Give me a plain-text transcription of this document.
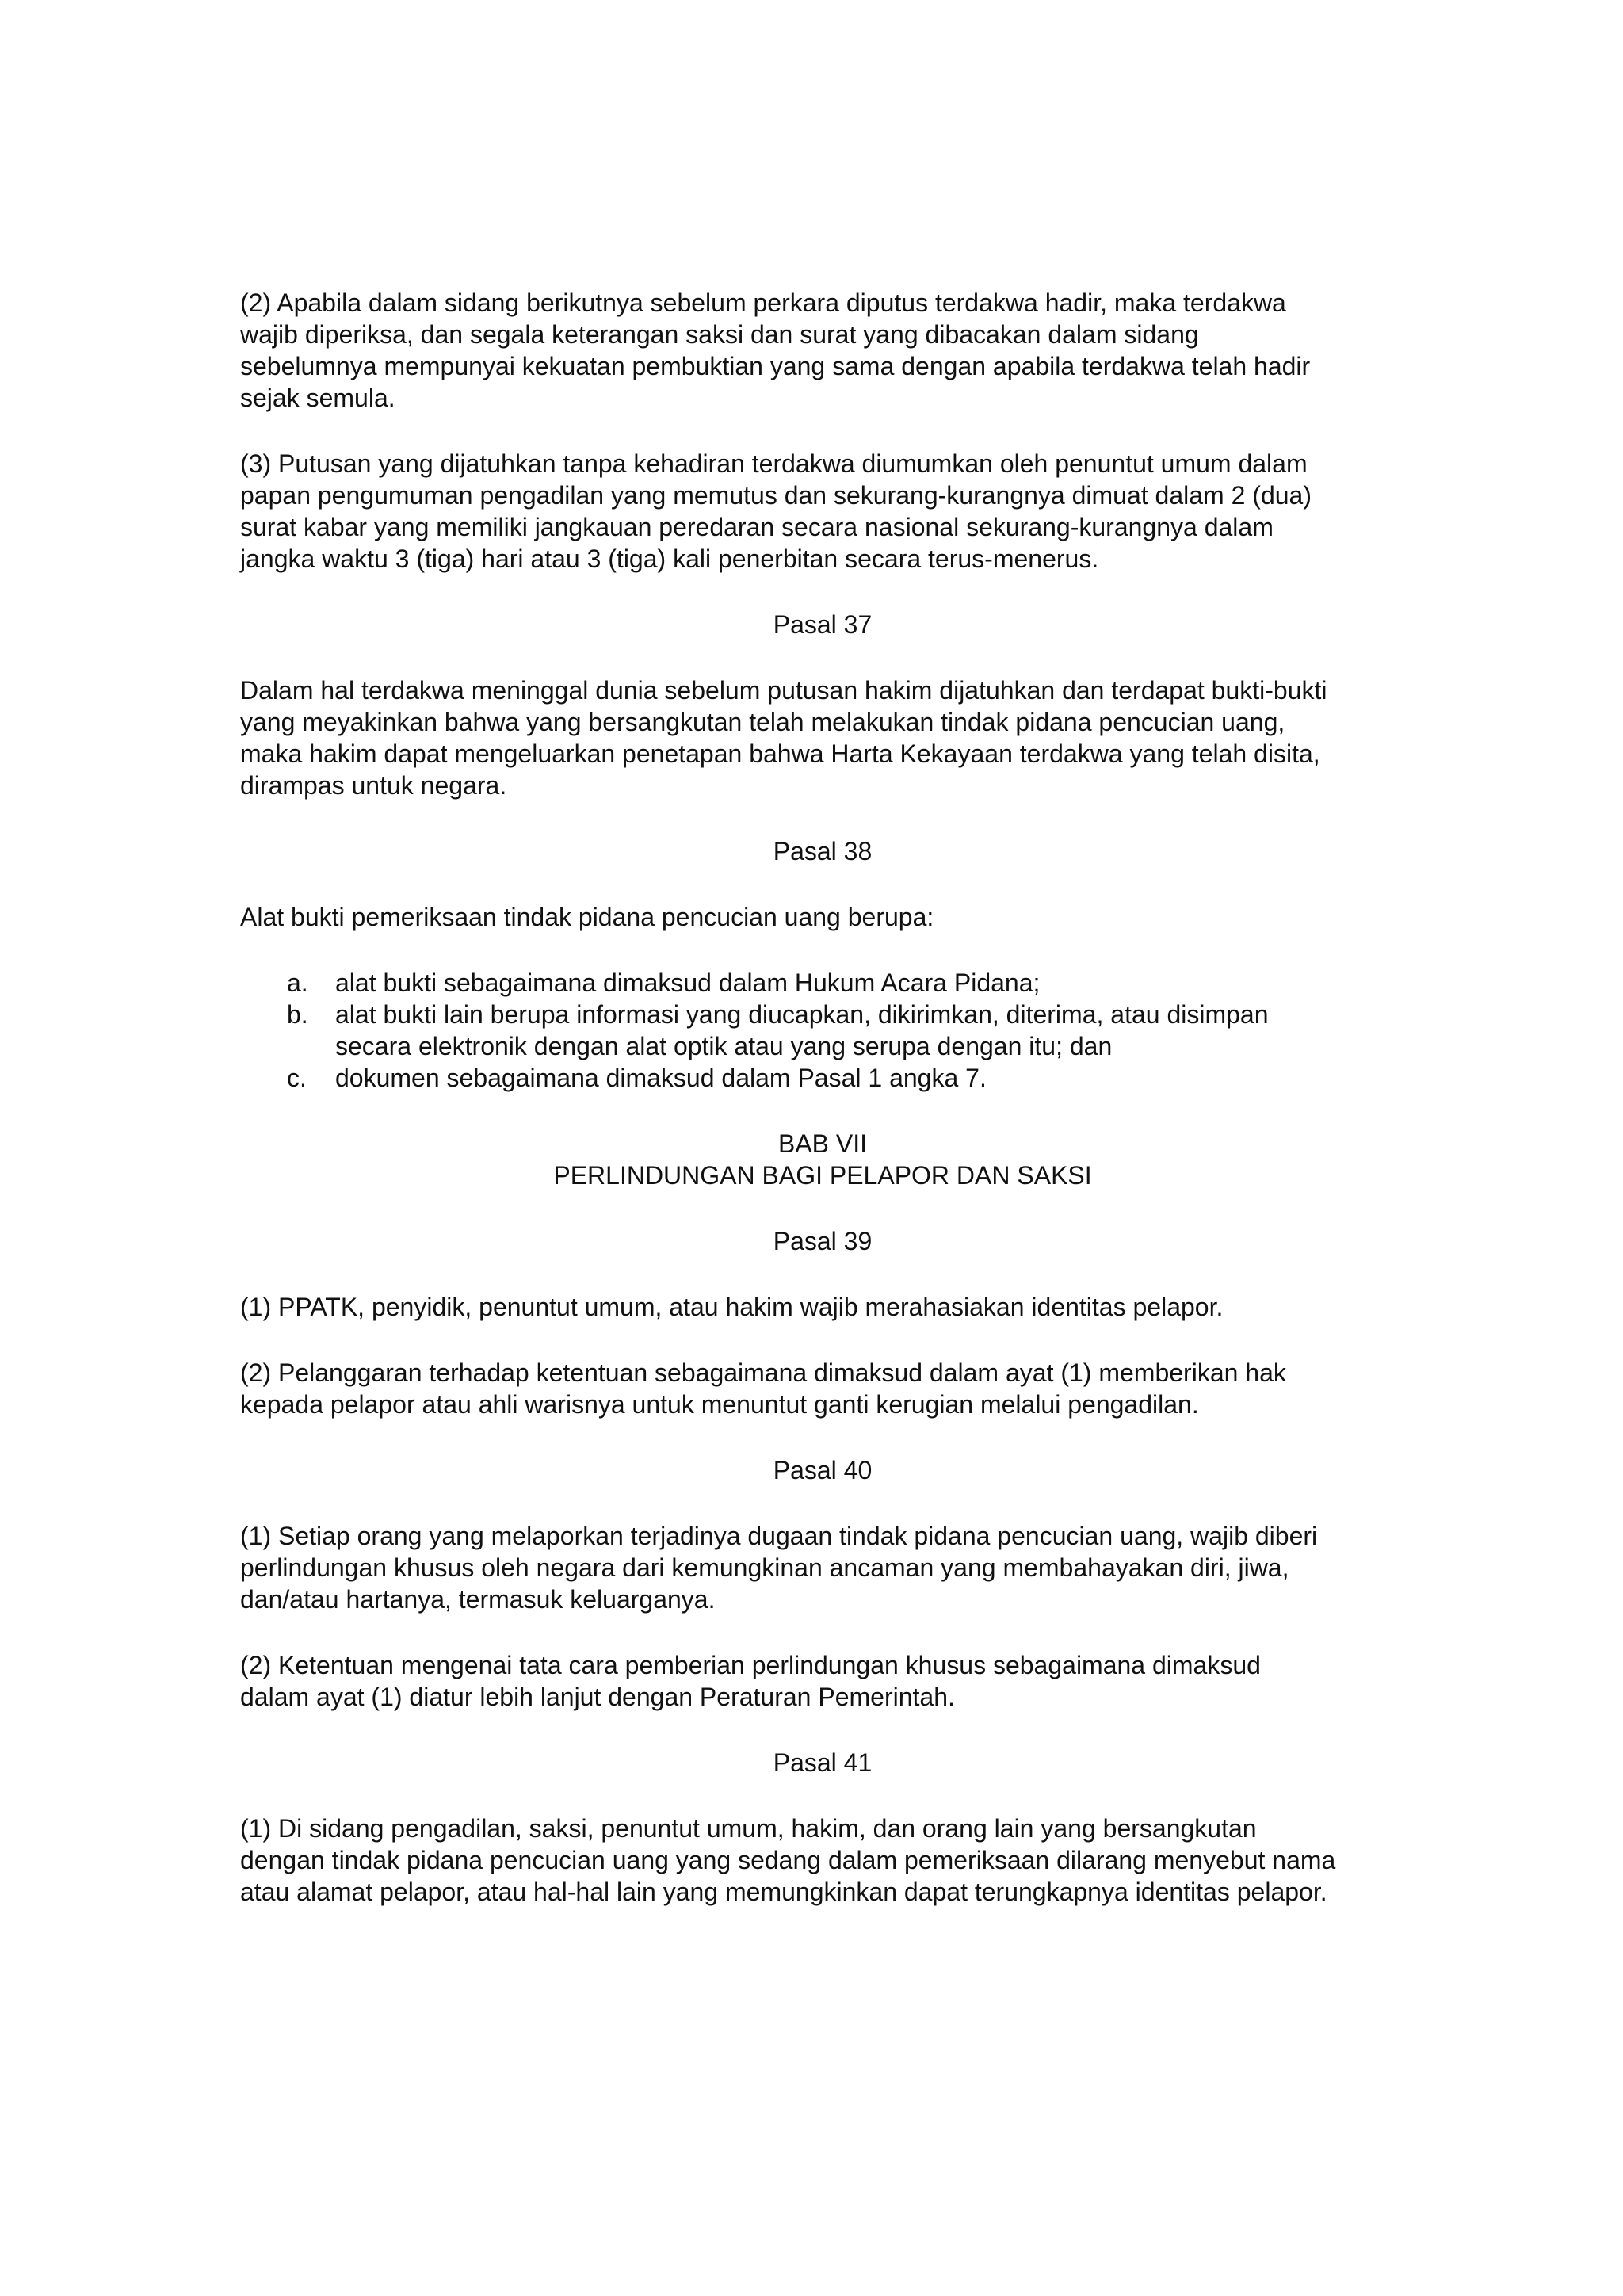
(2) Apabila dalam sidang berikutnya sebelum perkara diputus terdakwa hadir, maka terdakwa
wajib diperiksa, dan segala keterangan saksi dan surat yang dibacakan dalam sidang
sebelumnya mempunyai kekuatan pembuktian yang sama dengan apabila terdakwa telah hadir
sejak semula.

(3) Putusan yang dijatuhkan tanpa kehadiran terdakwa diumumkan oleh penuntut umum dalam
papan pengumuman pengadilan yang memutus dan sekurang-kurangnya dimuat dalam 2 (dua)
surat kabar yang memiliki jangkauan peredaran secara nasional sekurang-kurangnya dalam
jangka waktu 3 (tiga) hari atau 3 (tiga) kali penerbitan secara terus-menerus.

Pasal 37

Dalam hal terdakwa meninggal dunia sebelum putusan hakim dijatuhkan dan terdapat bukti-bukti
yang meyakinkan bahwa yang bersangkutan telah melakukan tindak pidana pencucian uang,
maka hakim dapat mengeluarkan penetapan bahwa Harta Kekayaan terdakwa yang telah disita,
dirampas untuk negara.

Pasal 38

Alat bukti pemeriksaan tindak pidana pencucian uang berupa:

a. alat bukti sebagaimana dimaksud dalam Hukum Acara Pidana;
b. alat bukti lain berupa informasi yang diucapkan, dikirimkan, diterima, atau disimpan
secara elektronik dengan alat optik atau yang serupa dengan itu; dan
c. dokumen sebagaimana dimaksud dalam Pasal 1 angka 7.
BAB VII
PERLINDUNGAN BAGI PELAPOR DAN SAKSI
Pasal 39

(1) PPATK, penyidik, penuntut umum, atau hakim wajib merahasiakan identitas pelapor.

(2) Pelanggaran terhadap ketentuan sebagaimana dimaksud dalam ayat (1) memberikan hak
kepada pelapor atau ahli warisnya untuk menuntut ganti kerugian melalui pengadilan.

Pasal 40

(1) Setiap orang yang melaporkan terjadinya dugaan tindak pidana pencucian uang, wajib diberi
perlindungan khusus oleh negara dari kemungkinan ancaman yang membahayakan diri, jiwa,
dan/atau hartanya, termasuk keluarganya.

(2) Ketentuan mengenai tata cara pemberian perlindungan khusus sebagaimana dimaksud
dalam ayat (1) diatur lebih lanjut dengan Peraturan Pemerintah.

Pasal 41

(1) Di sidang pengadilan, saksi, penuntut umum, hakim, dan orang lain yang bersangkutan
dengan tindak pidana pencucian uang yang sedang dalam pemeriksaan dilarang menyebut nama
atau alamat pelapor, atau hal-hal lain yang memungkinkan dapat terungkapnya identitas pelapor.
